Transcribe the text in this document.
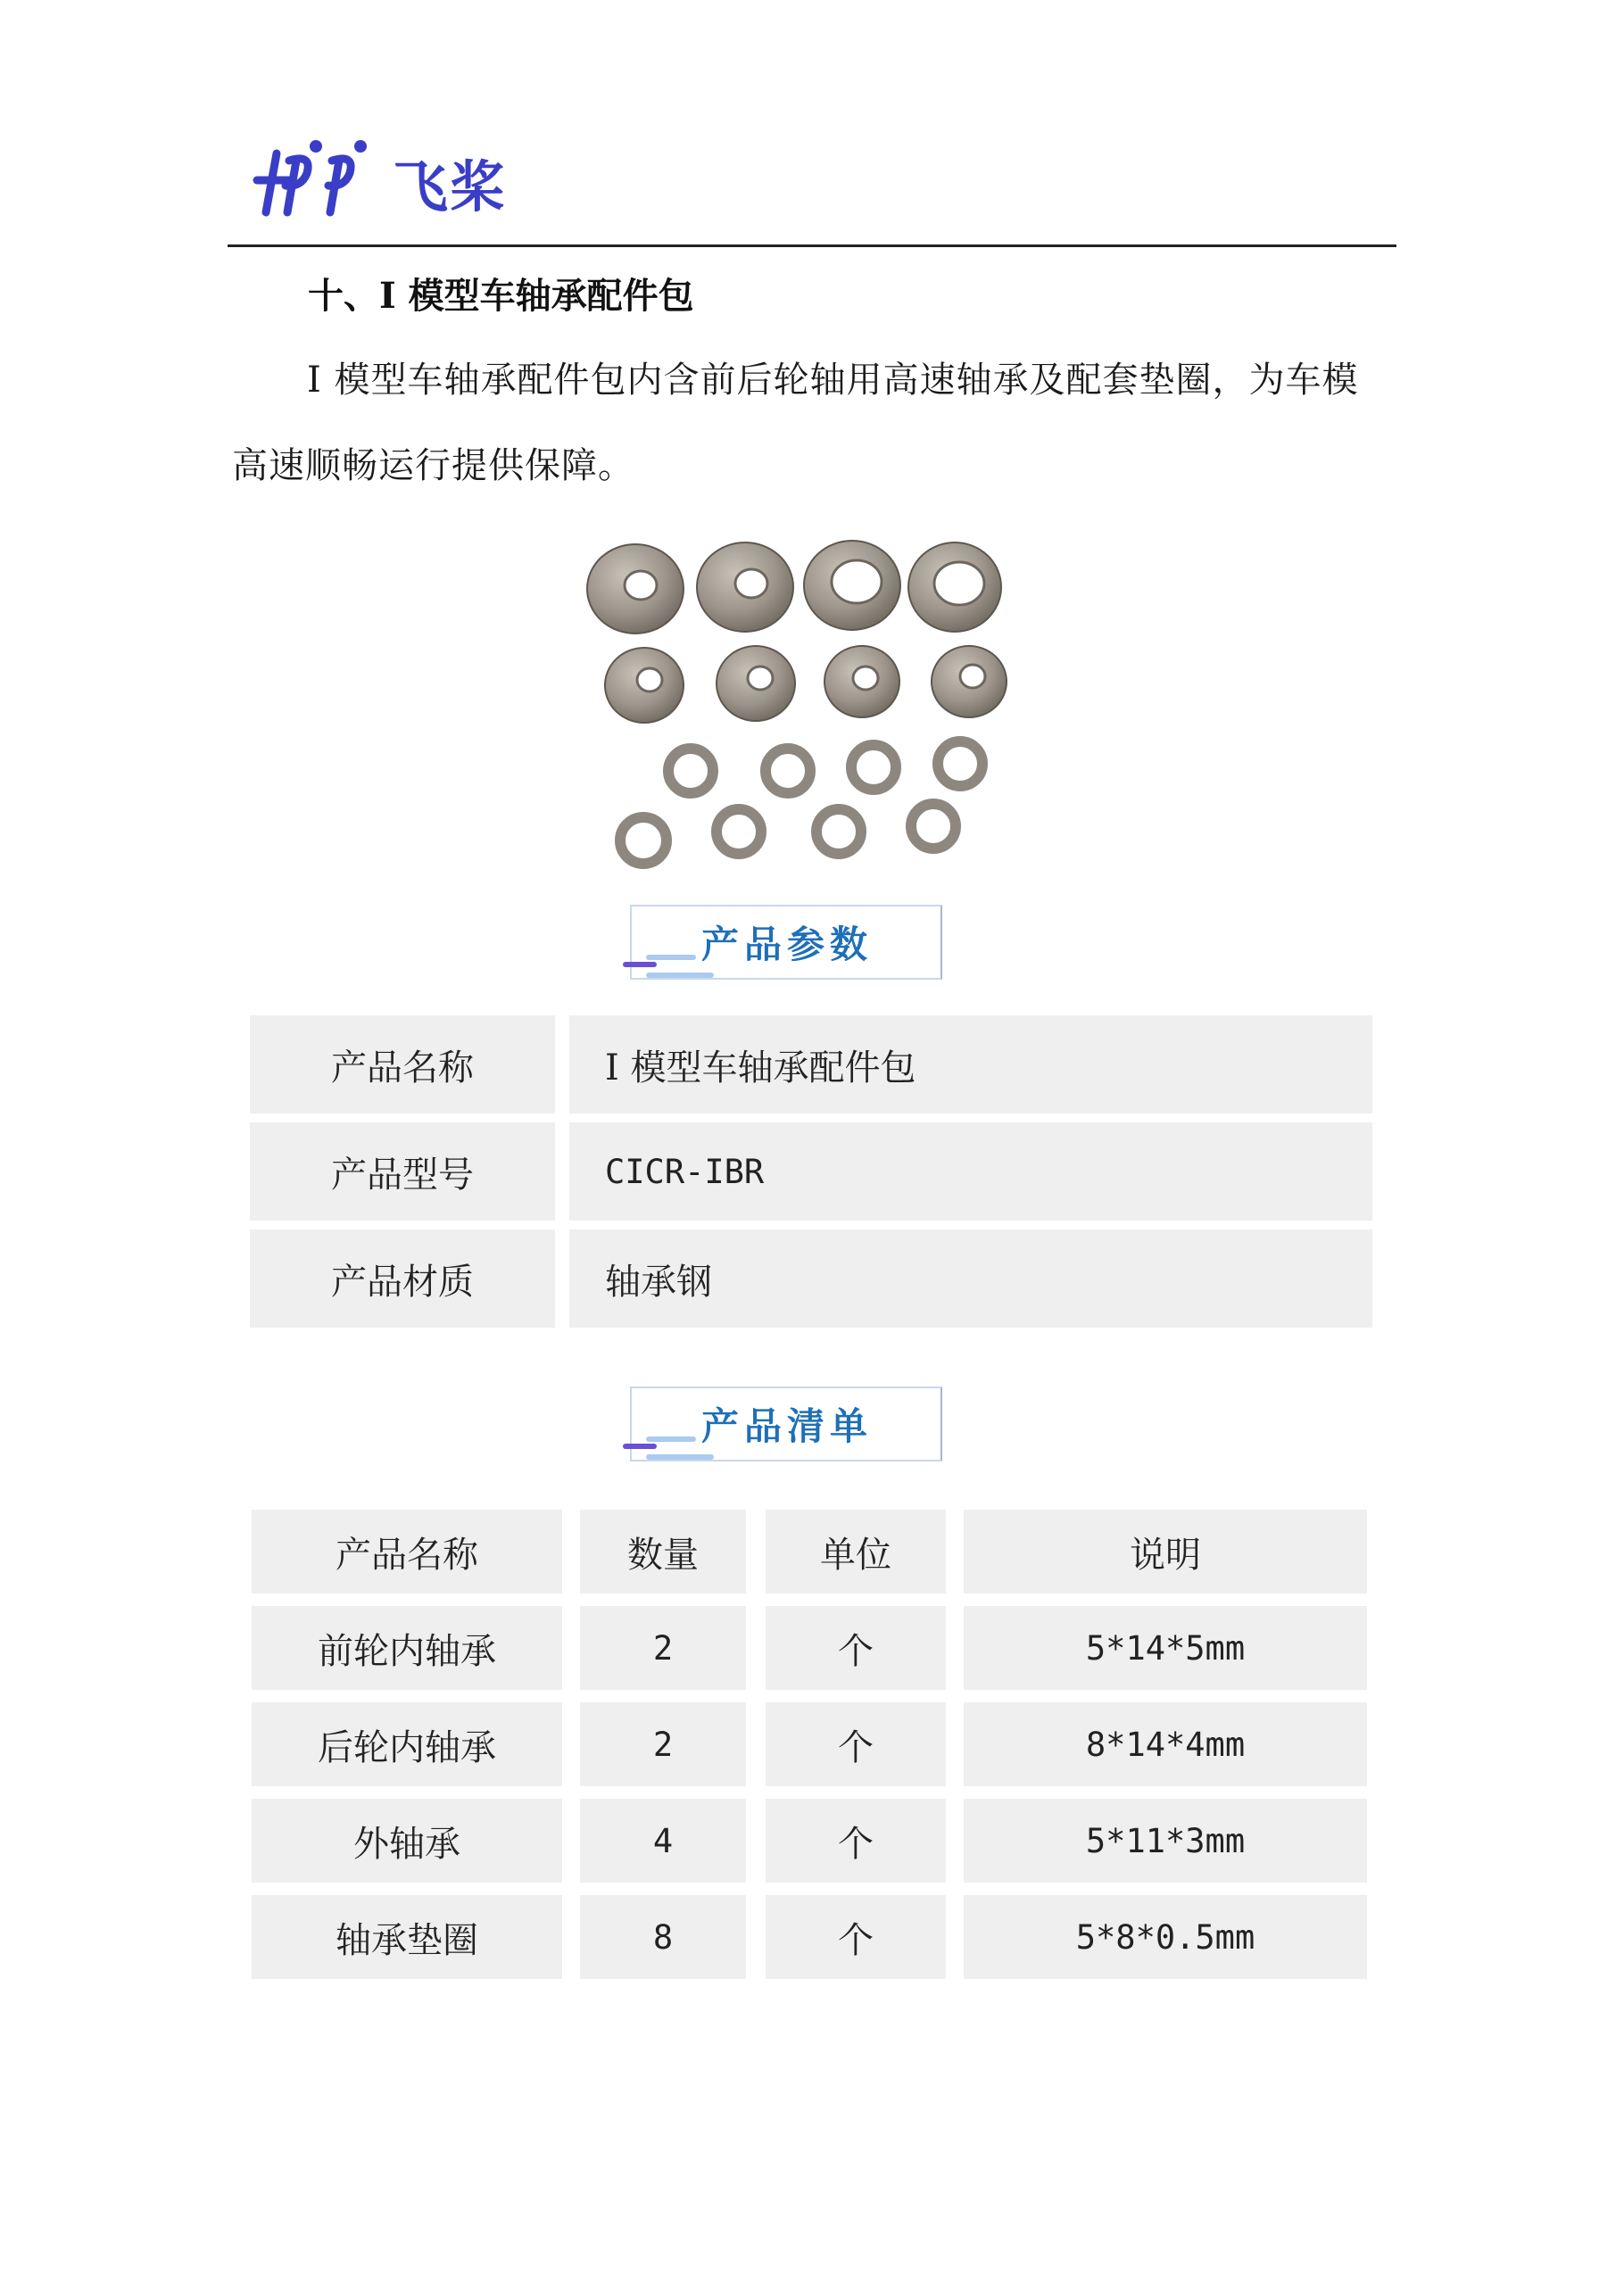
飞桨
十、I 模型车轴承配件包

I 模型车轴承配件包内含前后轮轴用高速轴承及配套垫圈，为车模高速顺畅运行提供保障。

产品参数
产品名称	I 模型车轴承配件包
产品型号	CICR-IBR
产品材质	轴承钢
产品清单
产品名称	数量	单位	说明
前轮内轴承	2	个	5*14*5mm
后轮内轴承	2	个	8*14*4mm
外轴承	4	个	5*11*3mm
轴承垫圈	8	个	5*8*0.5mm
